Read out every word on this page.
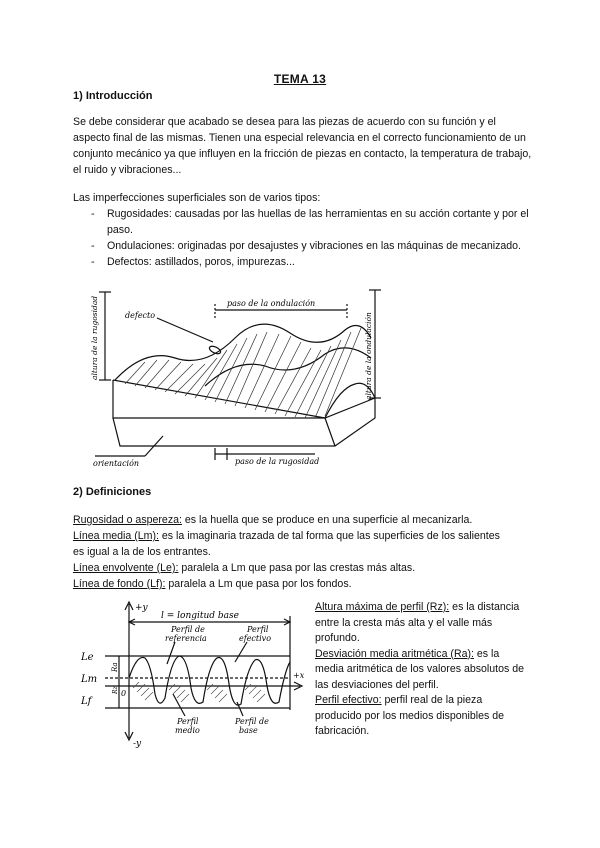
TEMA 13
1) Introducción

Se debe considerar que acabado se desea para las piezas de acuerdo con su función y el aspecto final de las mismas. Tienen una especial relevancia en el correcto funcionamiento de un conjunto mecánico ya que influyen en la fricción de piezas en contacto, la temperatura de trabajo, el ruido y vibraciones...

Las imperfecciones superficiales son de varios tipos:

- Rugosidades: causadas por las huellas de las herramientas en su acción cortante y por el paso.
- Ondulaciones: originadas por desajustes y vibraciones en las máquinas de mecanizado.
- Defectos: astillados, poros, impurezas...
defecto
paso de la ondulación
altura de la rugosidad	altura de la ondulación
orientación	paso de la rugosidad
2) Definiciones
Rugosidad o aspereza: es la huella que se produce en una superficie al mecanizarla.
Línea media (Lm): es la imaginaria trazada de tal forma que las superficies de los salientes
es igual a la de los entrantes.
Línea envolvente (Le): paralela a Lm que pasa por las crestas más altas.
Línea de fondo (Lf): paralela a Lm que pasa por los fondos.
+y
-y
+x
l = longitud base
Perfil de
referencia
Perfil
efectivo
Le
Lm
Lf
Ra
Rz 0
Perfil
medio
Perfil de
base
Altura máxima de perfil (Rz): es la distancia entre la cresta más alta y el valle más profundo.
Desviación media aritmética (Ra): es la media aritmética de los valores absolutos de las desviaciones del perfil.
Perfil efectivo: perfil real de la pieza producido por los medios disponibles de fabricación.
